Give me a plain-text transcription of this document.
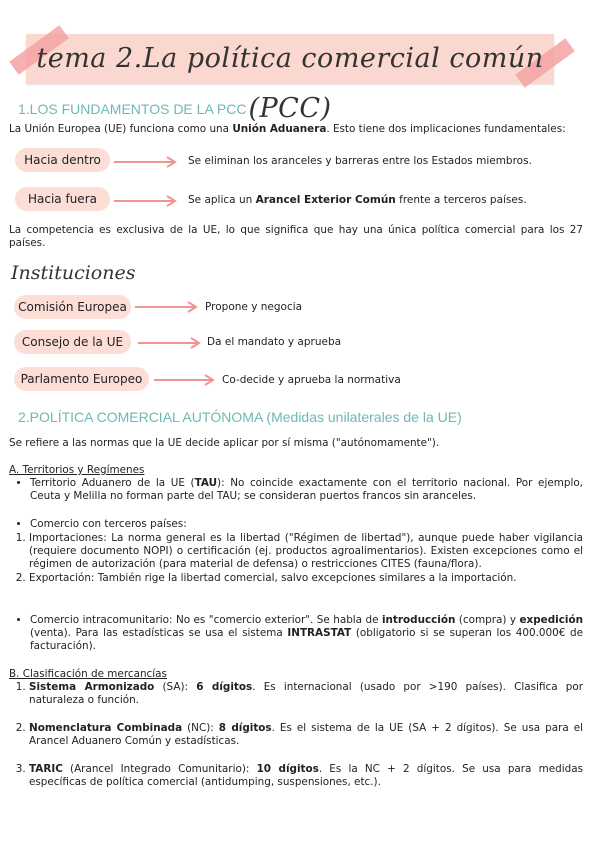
tema 2.La política comercial común (PCC)
1.LOS FUNDAMENTOS DE LA PCC
La Unión Europea (UE) funciona como una Unión Aduanera. Esto tiene dos implicaciones fundamentales:
Hacia dentro	Se eliminan los aranceles y barreras entre los Estados miembros.
Hacia fuera	Se aplica un Arancel Exterior Común frente a terceros países.
La competencia es exclusiva de la UE, lo que significa que hay una única política comercial para los 27 países.
Instituciones
Comisión Europea	Propone y negocia
Consejo de la UE	Da el mandato y aprueba
Parlamento Europeo	Co-decide y aprueba la normativa
2.POLÍTICA COMERCIAL AUTÓNOMA (Medidas unilaterales de la UE)
Se refiere a las normas que la UE decide aplicar por sí misma ("autónomamente").
A. Territorios y Regímenes
• Territorio Aduanero de la UE (TAU): No coincide exactamente con el territorio nacional. Por ejemplo, Ceuta y Melilla no forman parte del TAU; se consideran puertos francos sin aranceles.
• Comercio con terceros países:
1. Importaciones: La norma general es la libertad ("Régimen de libertad"), aunque puede haber vigilancia (requiere documento NOPI) o certificación (ej. productos agroalimentarios). Existen excepciones como el régimen de autorización (para material de defensa) o restricciones CITES (fauna/flora).
2. Exportación: También rige la libertad comercial, salvo excepciones similares a la importación.
• Comercio intracomunitario: No es "comercio exterior". Se habla de introducción (compra) y expedición (venta). Para las estadísticas se usa el sistema INTRASTAT (obligatorio si se superan los 400.000€ de facturación).
B. Clasificación de mercancías
1. Sistema Armonizado (SA): 6 dígitos. Es internacional (usado por >190 países). Clasifica por naturaleza o función.
2. Nomenclatura Combinada (NC): 8 dígitos. Es el sistema de la UE (SA + 2 dígitos). Se usa para el Arancel Aduanero Común y estadísticas.
3. TARIC (Arancel Integrado Comunitario): 10 dígitos. Es la NC + 2 dígitos. Se usa para medidas específicas de política comercial (antidumping, suspensiones, etc.).
